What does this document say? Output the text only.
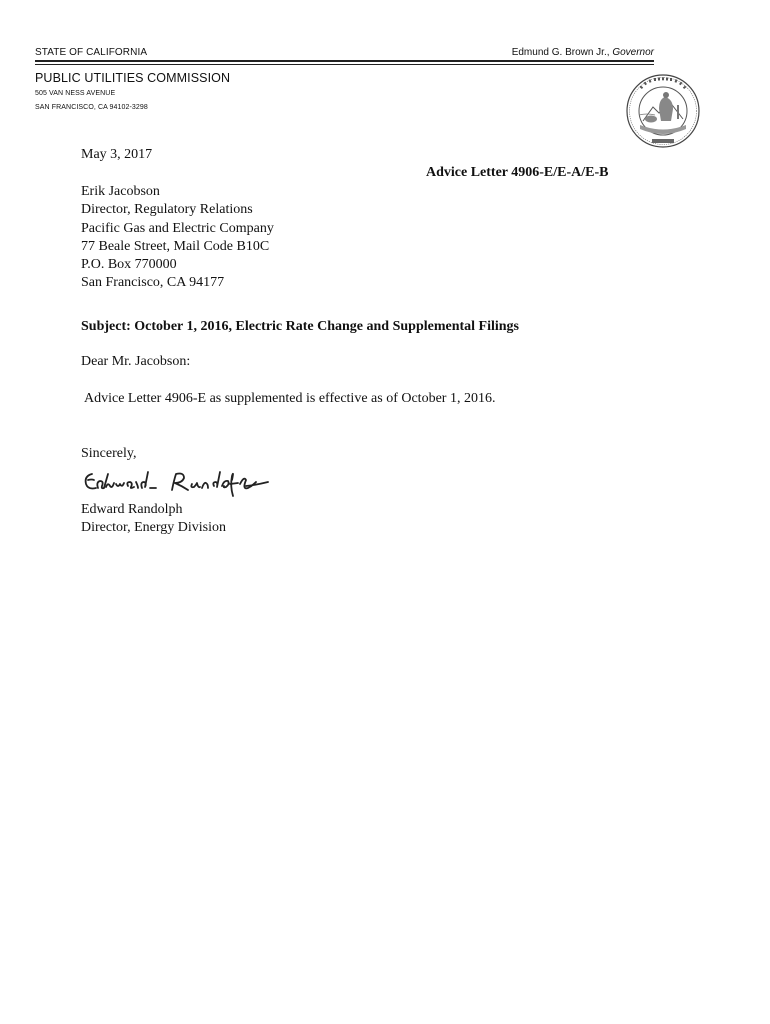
STATE OF CALIFORNIA	Edmund G. Brown Jr., Governor
PUBLIC UTILITIES COMMISSION
505 VAN NESS AVENUE
SAN FRANCISCO, CA 94102-3298
May 3, 2017
Advice Letter 4906-E/E-A/E-B
Erik Jacobson
Director, Regulatory Relations
Pacific Gas and Electric Company
77 Beale Street, Mail Code B10C
P.O. Box 770000
San Francisco, CA 94177
Subject: October 1, 2016, Electric Rate Change and Supplemental Filings
Dear Mr. Jacobson:
Advice Letter 4906-E as supplemented is effective as of October 1, 2016.
Sincerely,
Edward Randolph
Director, Energy Division
